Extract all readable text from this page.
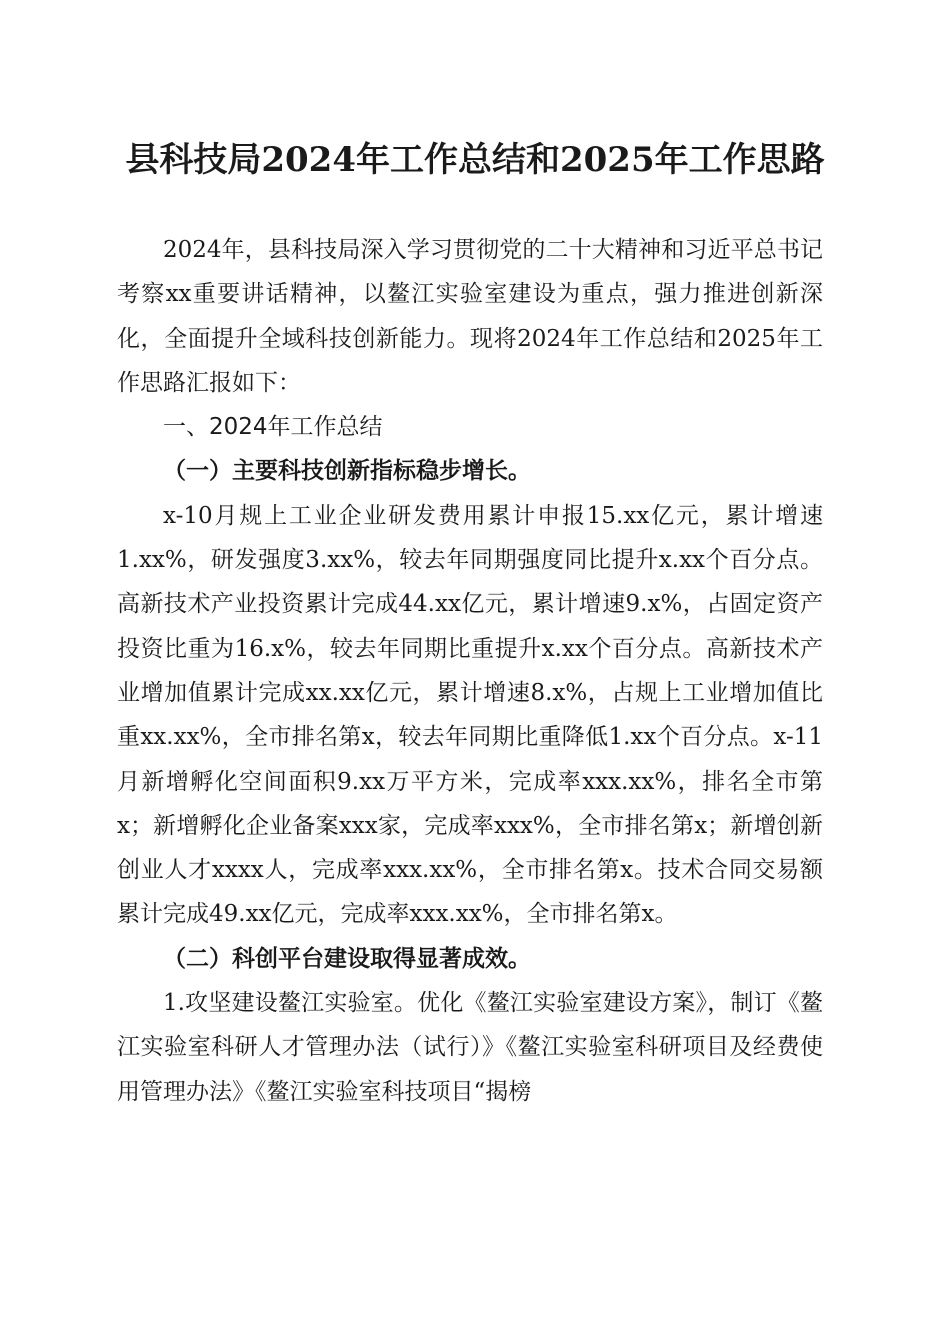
县科技局2024年工作总结和2025年工作思路

2024年，县科技局深入学习贯彻党的二十大精神和习近平总书记考察xx重要讲话精神，以鳌江实验室建设为重点，强力推进创新深化，全面提升全域科技创新能力。现将2024年工作总结和2025年工作思路汇报如下：

一、2024年工作总结

（一）主要科技创新指标稳步增长。

x-10月规上工业企业研发费用累计申报15.xx亿元，累计增速1.xx%，研发强度3.xx%，较去年同期强度同比提升x.xx个百分点。高新技术产业投资累计完成44.xx亿元，累计增速9.x%，占固定资产投资比重为16.x%，较去年同期比重提升x.xx个百分点。高新技术产业增加值累计完成xx.xx亿元，累计增速8.x%，占规上工业增加值比重xx.xx%，全市排名第x，较去年同期比重降低1.xx个百分点。x-11月新增孵化空间面积9.xx万平方米，完成率xxx.xx%，排名全市第x；新增孵化企业备案xxx家，完成率xxx%，全市排名第x；新增创新创业人才xxxx人，完成率xxx.xx%，全市排名第x。技术合同交易额累计完成49.xx亿元，完成率xxx.xx%，全市排名第x。

（二）科创平台建设取得显著成效。

1.攻坚建设鳌江实验室。优化《鳌江实验室建设方案》，制订《鳌江实验室科研人才管理办法（试行）》《鳌江实验室科研项目及经费使用管理办法》《鳌江实验室科技项目“揭榜
